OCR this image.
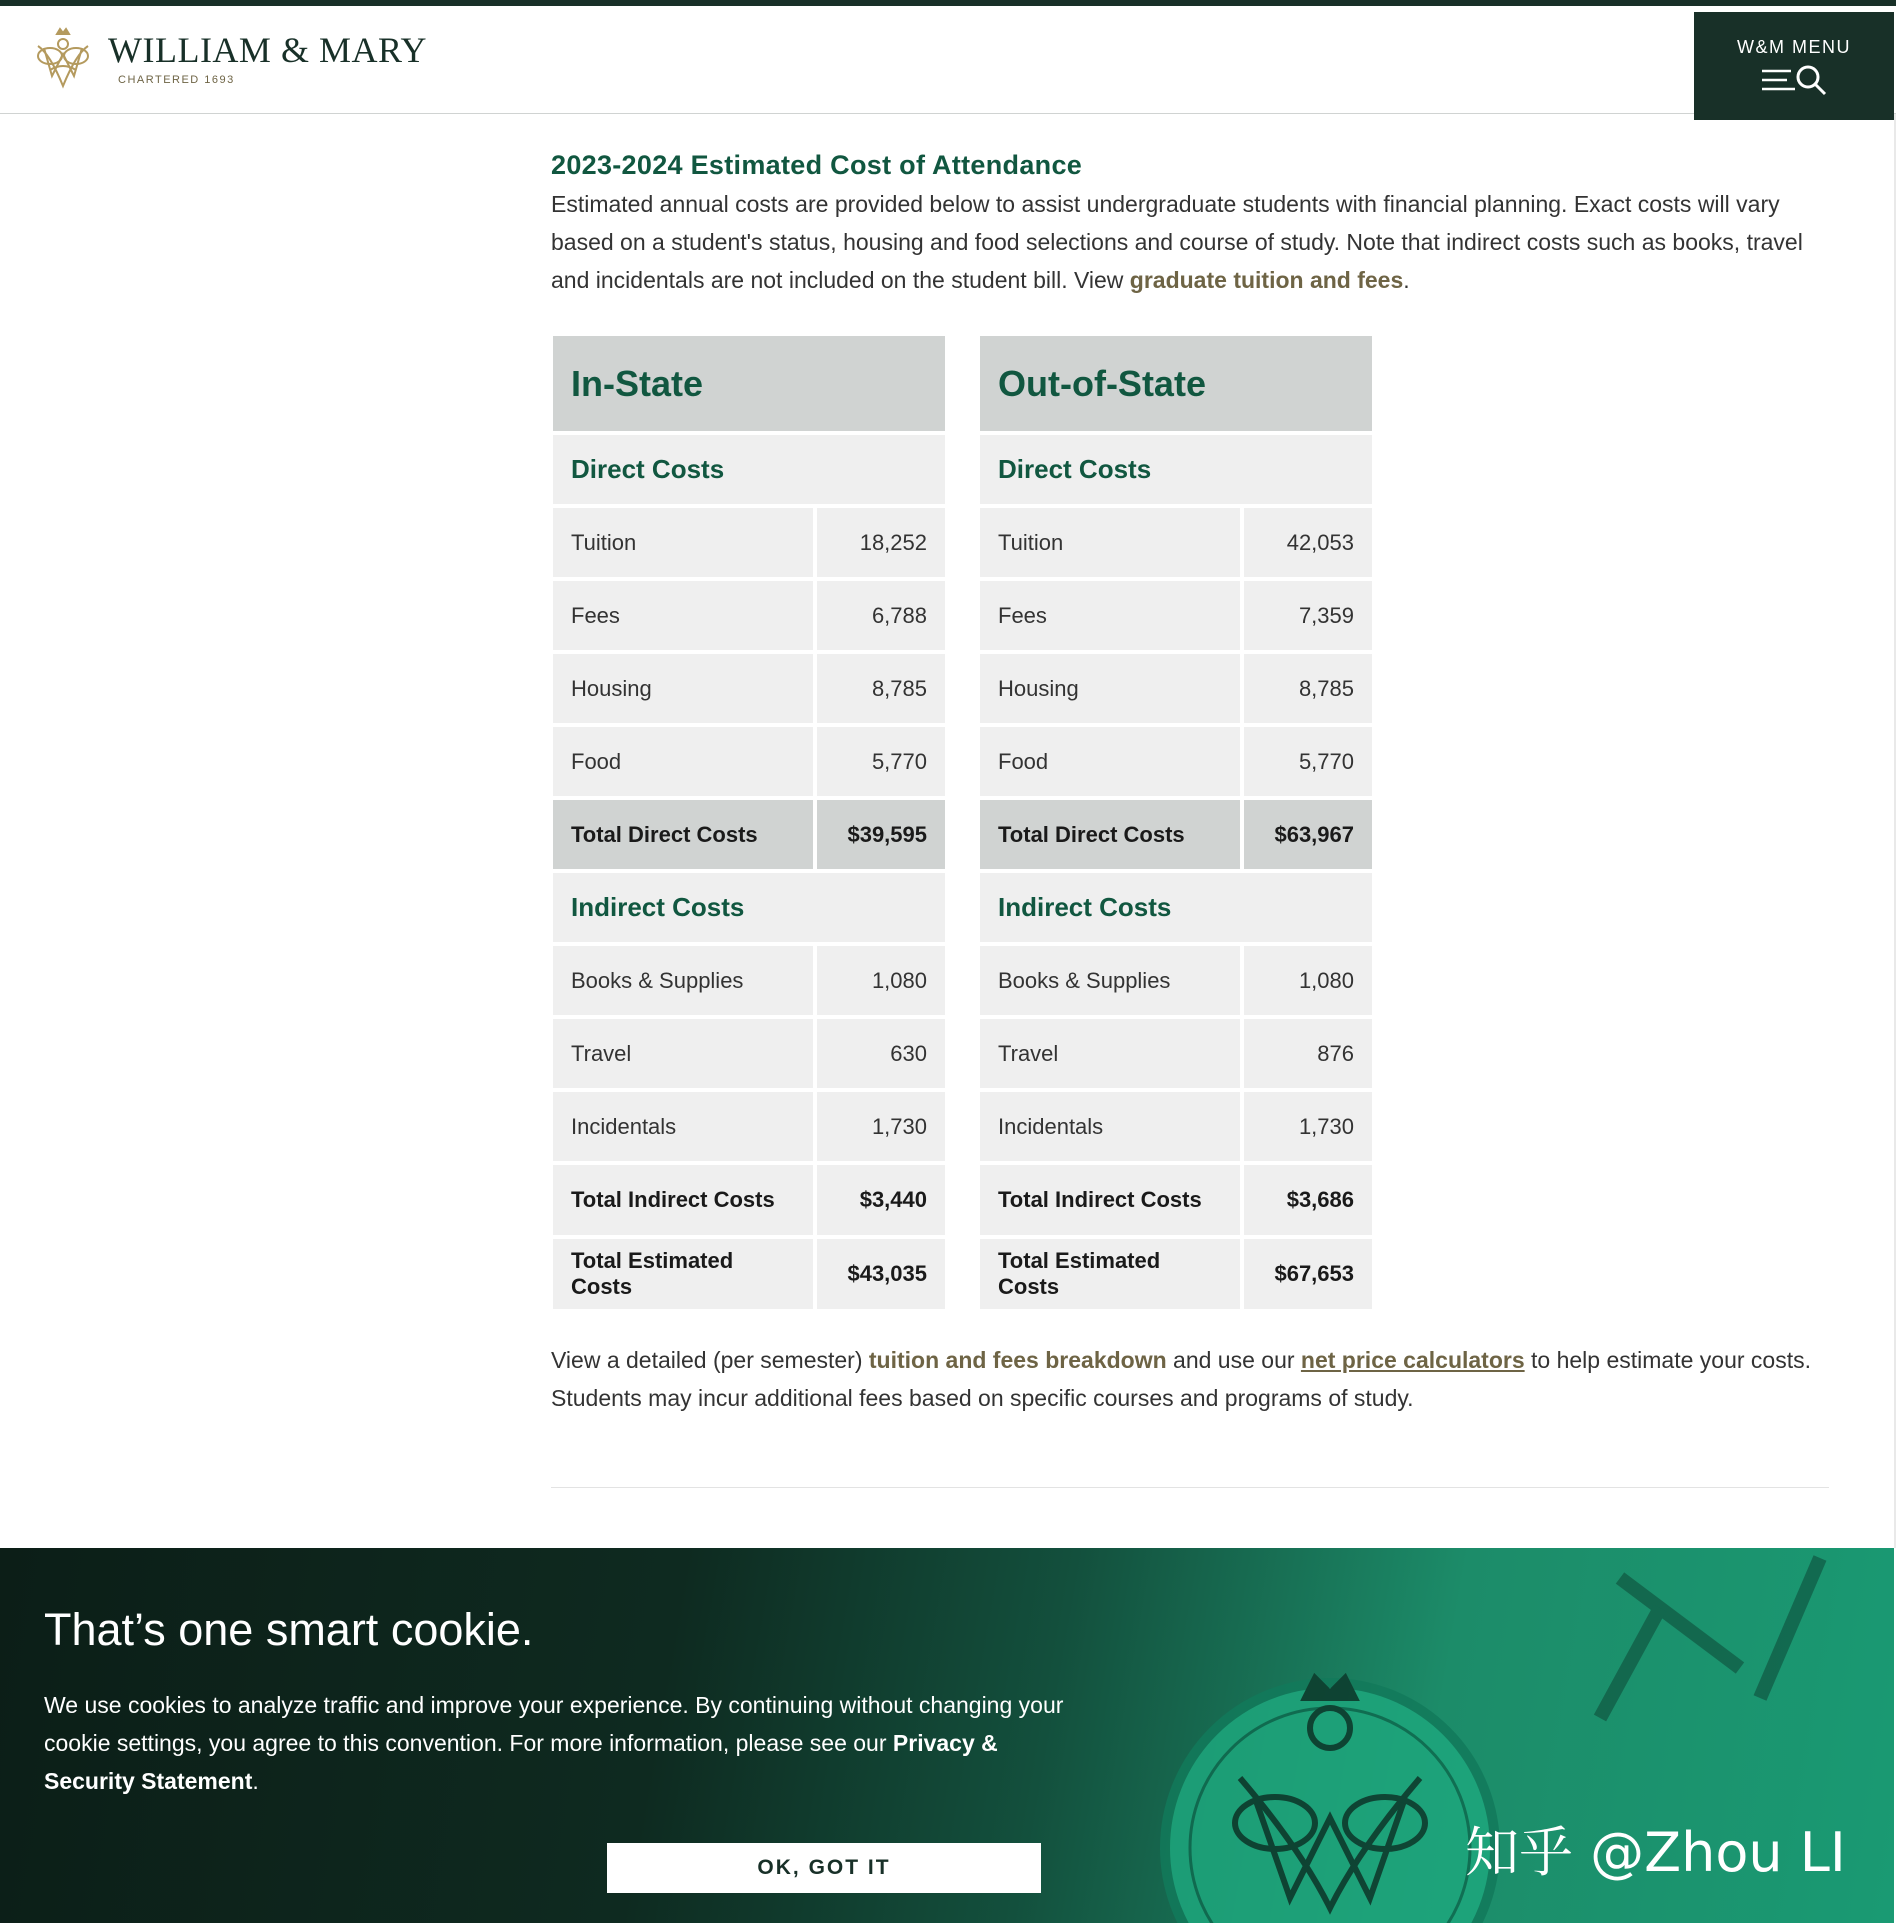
WILLIAM & MARY
CHARTERED 1693
W&M MENU
2023-2024 Estimated Cost of Attendance

Estimated annual costs are provided below to assist undergraduate students with financial planning. Exact costs will vary based on a student's status, housing and food selections and course of study. Note that indirect costs such as books, travel and incidentals are not included on the student bill. View graduate tuition and fees.

In-State	
Direct Costs	
Tuition	18,252
Fees	6,788
Housing	8,785
Food	5,770
Total Direct Costs	$39,595
Indirect Costs	
Books & Supplies	1,080
Travel	630
Incidentals	1,730
Total Indirect Costs	$3,440
Total Estimated Costs	$43,035
Out-of-State	
Direct Costs	
Tuition	42,053
Fees	7,359
Housing	8,785
Food	5,770
Total Direct Costs	$63,967
Indirect Costs	
Books & Supplies	1,080
Travel	876
Incidentals	1,730
Total Indirect Costs	$3,686
Total Estimated Costs	$67,653

View a detailed (per semester) tuition and fees breakdown and use our net price calculators to help estimate your costs. Students may incur additional fees based on specific courses and programs of study.

That’s one smart cookie.

We use cookies to analyze traffic and improve your experience. By continuing without changing your cookie settings, you agree to this convention. For more information, please see our Privacy & Security Statement.

OK, GOT IT	知乎 @Zhou LI
